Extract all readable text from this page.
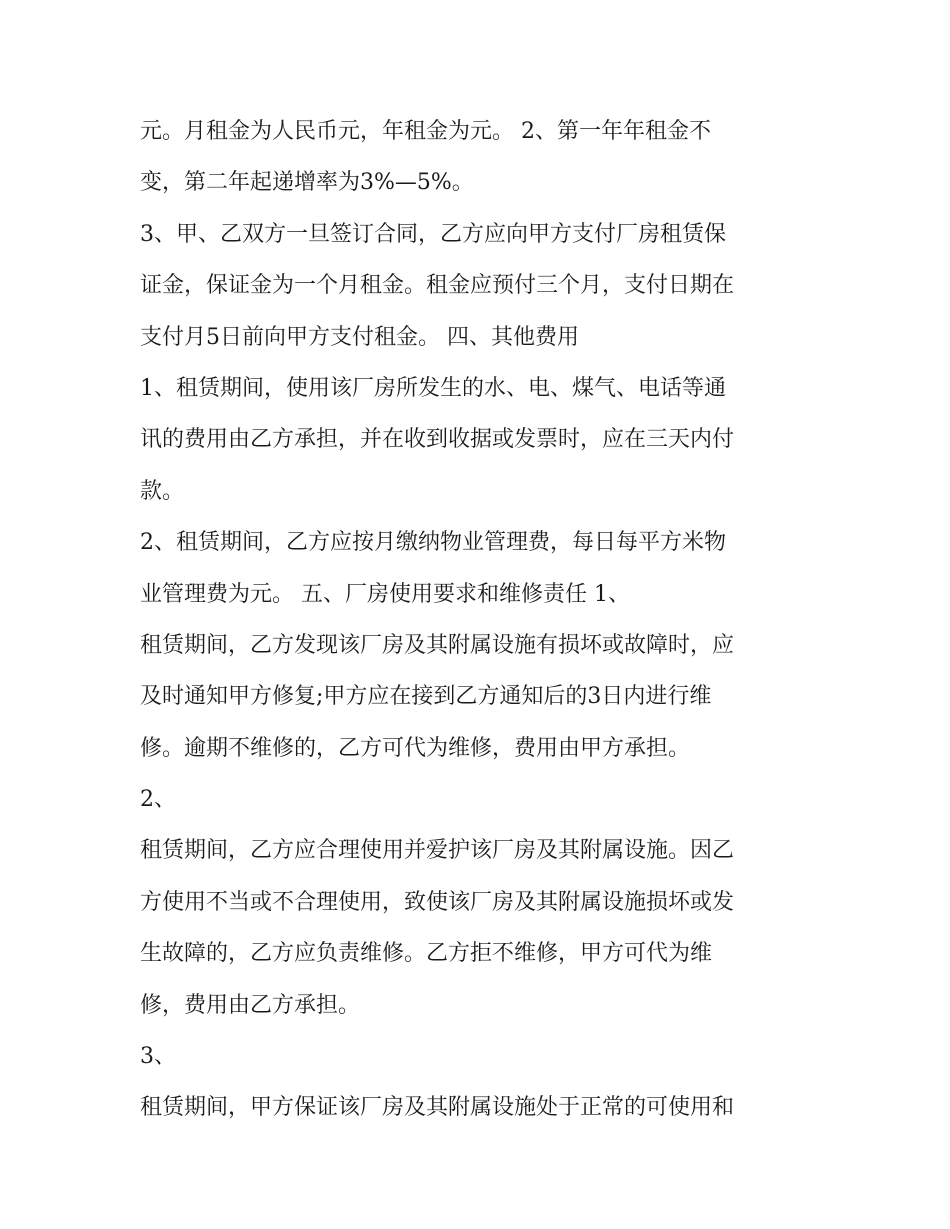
元。月租金为人民币元，年租金为元。 2、第一年年租金不
变，第二年起递增率为3%—5%。
3、甲、乙双方一旦签订合同，乙方应向甲方支付厂房租赁保
证金，保证金为一个月租金。租金应预付三个月，支付日期在
支付月5日前向甲方支付租金。 四、其他费用
1、租赁期间，使用该厂房所发生的水、电、煤气、电话等通
讯的费用由乙方承担，并在收到收据或发票时，应在三天内付
款。
2、租赁期间，乙方应按月缴纳物业管理费，每日每平方米物
业管理费为元。 五、厂房使用要求和维修责任 1、
租赁期间，乙方发现该厂房及其附属设施有损坏或故障时，应
及时通知甲方修复;甲方应在接到乙方通知后的3日内进行维
修。逾期不维修的，乙方可代为维修，费用由甲方承担。
2、
租赁期间，乙方应合理使用并爱护该厂房及其附属设施。因乙
方使用不当或不合理使用，致使该厂房及其附属设施损坏或发
生故障的，乙方应负责维修。乙方拒不维修，甲方可代为维
修，费用由乙方承担。
3、
租赁期间，甲方保证该厂房及其附属设施处于正常的可使用和
